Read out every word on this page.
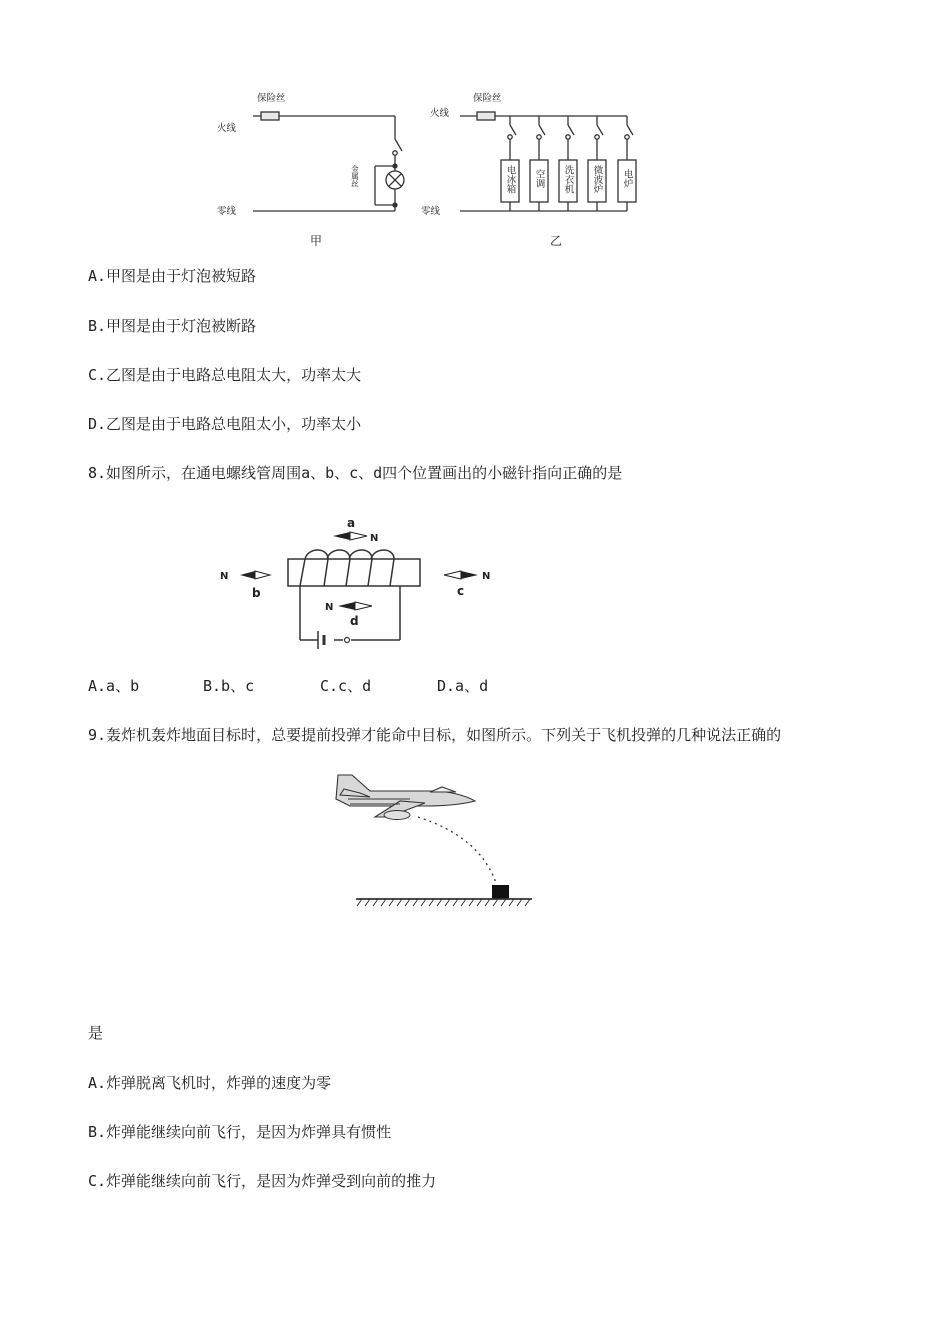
保险丝
火线
零线
金属丝
甲
保险丝
火线
零线
乙
电冰箱 空调 洗衣机 微波炉 电炉
A.甲图是由于灯泡被短路
B.甲图是由于灯泡被断路
C.乙图是由于电路总电阻太大，功率太大
D.乙图是由于电路总电阻太小，功率太小
8.如图所示，在通电螺线管周围a、b、c、d四个位置画出的小磁针指向正确的是
a
N
N
b
N
c
N
d
A.a、b	B.b、c	C.c、d	D.a、d
9.轰炸机轰炸地面目标时，总要提前投弹才能命中目标，如图所示。下列关于飞机投弹的几种说法正确的
是
A.炸弹脱离飞机时，炸弹的速度为零
B.炸弹能继续向前飞行，是因为炸弹具有惯性
C.炸弹能继续向前飞行，是因为炸弹受到向前的推力
